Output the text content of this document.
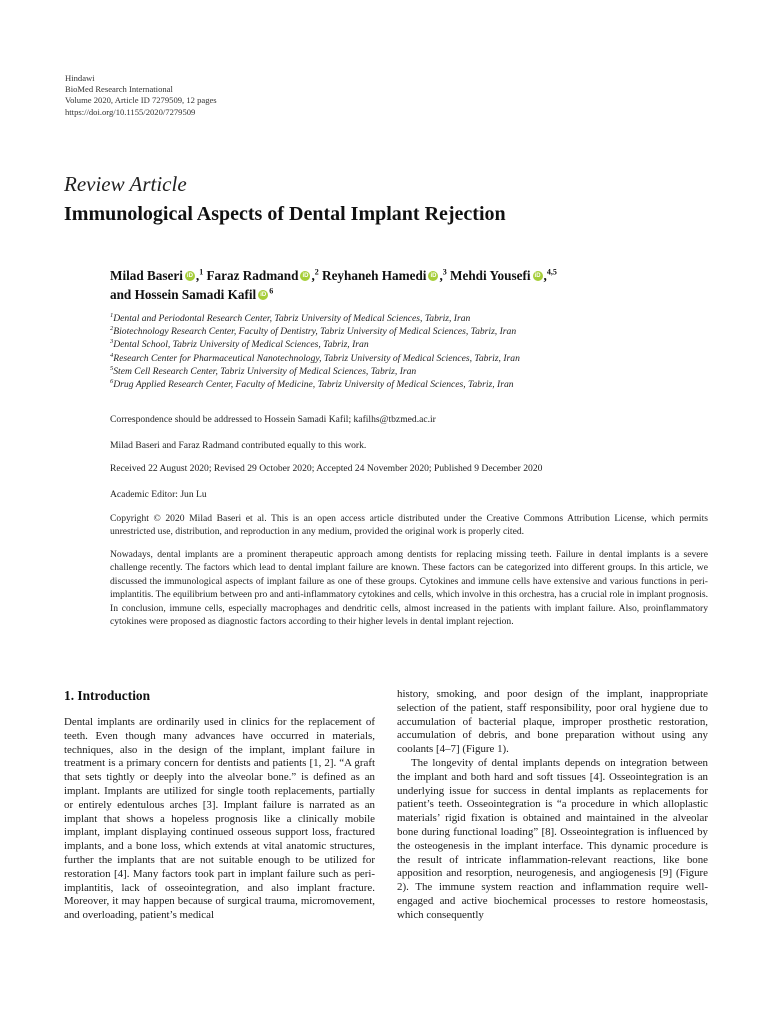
Hindawi
BioMed Research International
Volume 2020, Article ID 7279509, 12 pages
https://doi.org/10.1155/2020/7279509
Review Article
Immunological Aspects of Dental Implant Rejection
Milad Baseri iD ,$^1$ Faraz Radmand iD ,$^2$ Reyhaneh Hamedi iD ,$^3$ Mehdi Yousefi iD ,$^{4,5}$
and Hossein Samadi Kafil iD $^6$
$^1$Dental and Periodontal Research Center, Tabriz University of Medical Sciences, Tabriz, Iran
$^2$Biotechnology Research Center, Faculty of Dentistry, Tabriz University of Medical Sciences, Tabriz, Iran
$^3$Dental School, Tabriz University of Medical Sciences, Tabriz, Iran
$^4$Research Center for Pharmaceutical Nanotechnology, Tabriz University of Medical Sciences, Tabriz, Iran
$^5$Stem Cell Research Center, Tabriz University of Medical Sciences, Tabriz, Iran
$^6$Drug Applied Research Center, Faculty of Medicine, Tabriz University of Medical Sciences, Tabriz, Iran
Correspondence should be addressed to Hossein Samadi Kafil; kafilhs@tbzmed.ac.ir
Milad Baseri and Faraz Radmand contributed equally to this work.
Received 22 August 2020; Revised 29 October 2020; Accepted 24 November 2020; Published 9 December 2020
Academic Editor: Jun Lu
Copyright © 2020 Milad Baseri et al. This is an open access article distributed under the Creative Commons Attribution License, which permits unrestricted use, distribution, and reproduction in any medium, provided the original work is properly cited.
Nowadays, dental implants are a prominent therapeutic approach among dentists for replacing missing teeth. Failure in dental implants is a severe challenge recently. The factors which lead to dental implant failure are known. These factors can be categorized into different groups. In this article, we discussed the immunological aspects of implant failure as one of these groups. Cytokines and immune cells have extensive and various functions in peri-implantitis. The equilibrium between pro and anti-inflammatory cytokines and cells, which involve in this orchestra, has a crucial role in implant prognosis. In conclusion, immune cells, especially macrophages and dendritic cells, almost increased in the patients with implant failure. Also, proinflammatory cytokines were proposed as diagnostic factors according to their higher levels in dental implant rejection.
1. Introduction

Dental implants are ordinarily used in clinics for the replacement of teeth. Even though many advances have occurred in materials, techniques, also in the design of the implant, implant failure in treatment is a primary concern for dentists and patients [1, 2]. “A graft that sets tightly or deeply into the alveolar bone.” is defined as an implant. Implants are utilized for single tooth replacements, partially or entirely edentulous arches [3]. Implant failure is narrated as an implant that shows a hopeless prognosis like a clinically mobile implant, implant displaying continued osseous support loss, fractured implants, and a bone loss, which extends at vital anatomic structures, further the implants that are not suitable enough to be utilized for restoration [4]. Many factors took part in implant failure such as peri-implantitis, lack of osseointegration, and also implant fracture. Moreover, it may happen because of surgical trauma, micromovement, and overloading, patient’s medical

history, smoking, and poor design of the implant, inappropriate selection of the patient, staff responsibility, poor oral hygiene due to accumulation of bacterial plaque, improper prosthetic restoration, accumulation of debris, and bone preparation without using any coolants [4–7] (Figure 1).

The longevity of dental implants depends on integration between the implant and both hard and soft tissues [4]. Osseointegration is an underlying issue for success in dental implants as replacements for patient’s teeth. Osseointegration is “a procedure in which alloplastic materials’ rigid fixation is obtained and maintained in the alveolar bone during functional loading” [8]. Osseointegration is influenced by the osteogenesis in the implant interface. This dynamic procedure is the result of intricate inflammation-relevant reactions, like bone apposition and resorption, neurogenesis, and angiogenesis [9] (Figure 2). The immune system reaction and inflammation require well-engaged and active biochemical processes to restore homeostasis, which consequently
